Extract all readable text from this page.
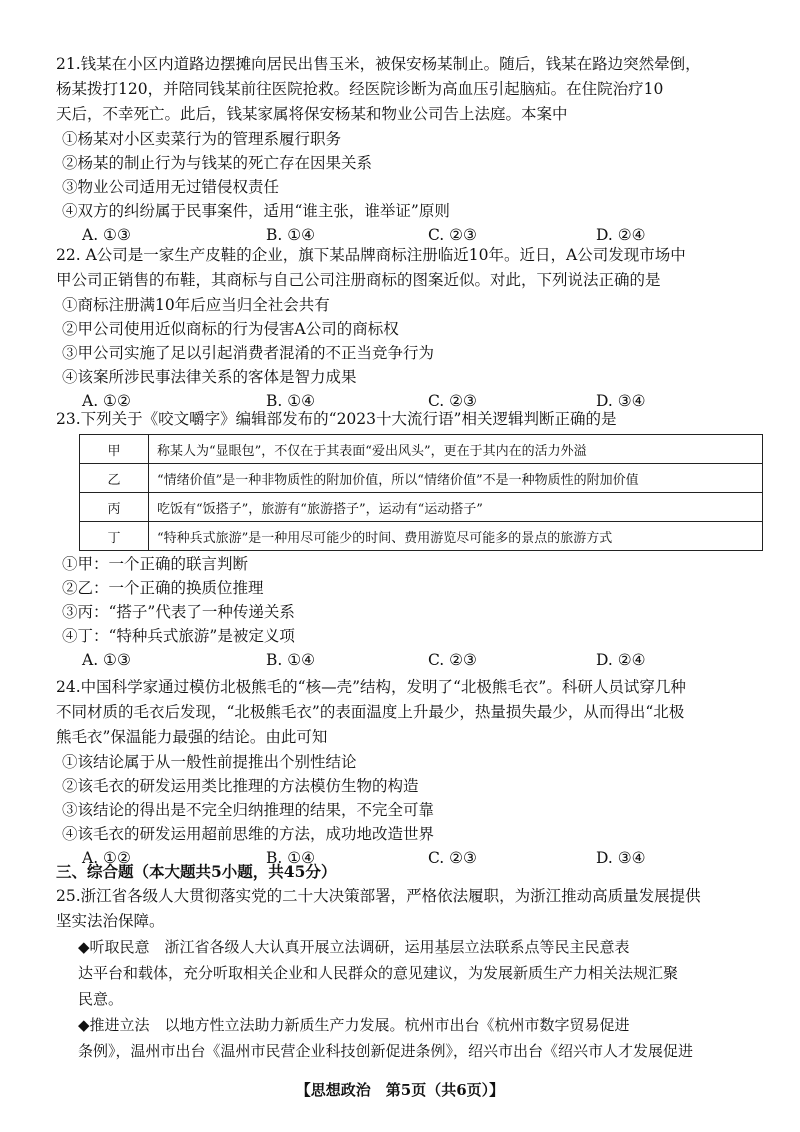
21.钱某在小区内道路边摆摊向居民出售玉米，被保安杨某制止。随后，钱某在路边突然晕倒，
杨某拨打120，并陪同钱某前往医院抢救。经医院诊断为高血压引起脑疝。在住院治疗10
天后，不幸死亡。此后，钱某家属将保安杨某和物业公司告上法庭。本案中
①杨某对小区卖菜行为的管理系履行职务
②杨某的制止行为与钱某的死亡存在因果关系
③物业公司适用无过错侵权责任
④双方的纠纷属于民事案件，适用“谁主张，谁举证”原则
A. ①③	B. ①④	C. ②③	D. ②④
22. A公司是一家生产皮鞋的企业，旗下某品牌商标注册临近10年。近日，A公司发现市场中
甲公司正销售的布鞋，其商标与自己公司注册商标的图案近似。对此，下列说法正确的是
①商标注册满10年后应当归全社会共有
②甲公司使用近似商标的行为侵害A公司的商标权
③甲公司实施了足以引起消费者混淆的不正当竞争行为
④该案所涉民事法律关系的客体是智力成果
A. ①②	B. ①④	C. ②③	D. ③④
23.下列关于《咬文嚼字》编辑部发布的“2023十大流行语”相关逻辑判断正确的是
甲	称某人为“显眼包”，不仅在于其表面“爱出风头”，更在于其内在的活力外溢
乙	“情绪价值”是一种非物质性的附加价值，所以“情绪价值”不是一种物质性的附加价值
丙	吃饭有“饭搭子”，旅游有“旅游搭子”，运动有“运动搭子”
丁	“特种兵式旅游”是一种用尽可能少的时间、费用游览尽可能多的景点的旅游方式
①甲：一个正确的联言判断
②乙：一个正确的换质位推理
③丙：“搭子”代表了一种传递关系
④丁：“特种兵式旅游”是被定义项
A. ①③	B. ①④	C. ②③	D. ②④
24.中国科学家通过模仿北极熊毛的“核—壳”结构，发明了“北极熊毛衣”。科研人员试穿几种
不同材质的毛衣后发现，“北极熊毛衣”的表面温度上升最少，热量损失最少，从而得出“北极
熊毛衣”保温能力最强的结论。由此可知
①该结论属于从一般性前提推出个别性结论
②该毛衣的研发运用类比推理的方法模仿生物的构造
③该结论的得出是不完全归纳推理的结果，不完全可靠
④该毛衣的研发运用超前思维的方法，成功地改造世界
A. ①②	B. ①④	C. ②③	D. ③④
三、综合题（本大题共5小题，共45分）
25.浙江省各级人大贯彻落实党的二十大决策部署，严格依法履职，为浙江推动高质量发展提供
坚实法治保障。
◆听取民意　浙江省各级人大认真开展立法调研，运用基层立法联系点等民主民意表
达平台和载体，充分听取相关企业和人民群众的意见建议，为发展新质生产力相关法规汇聚
民意。
◆推进立法　以地方性立法助力新质生产力发展。杭州市出台《杭州市数字贸易促进
条例》，温州市出台《温州市民营企业科技创新促进条例》，绍兴市出台《绍兴市人才发展促进
【思想政治　第5页（共6页）】
